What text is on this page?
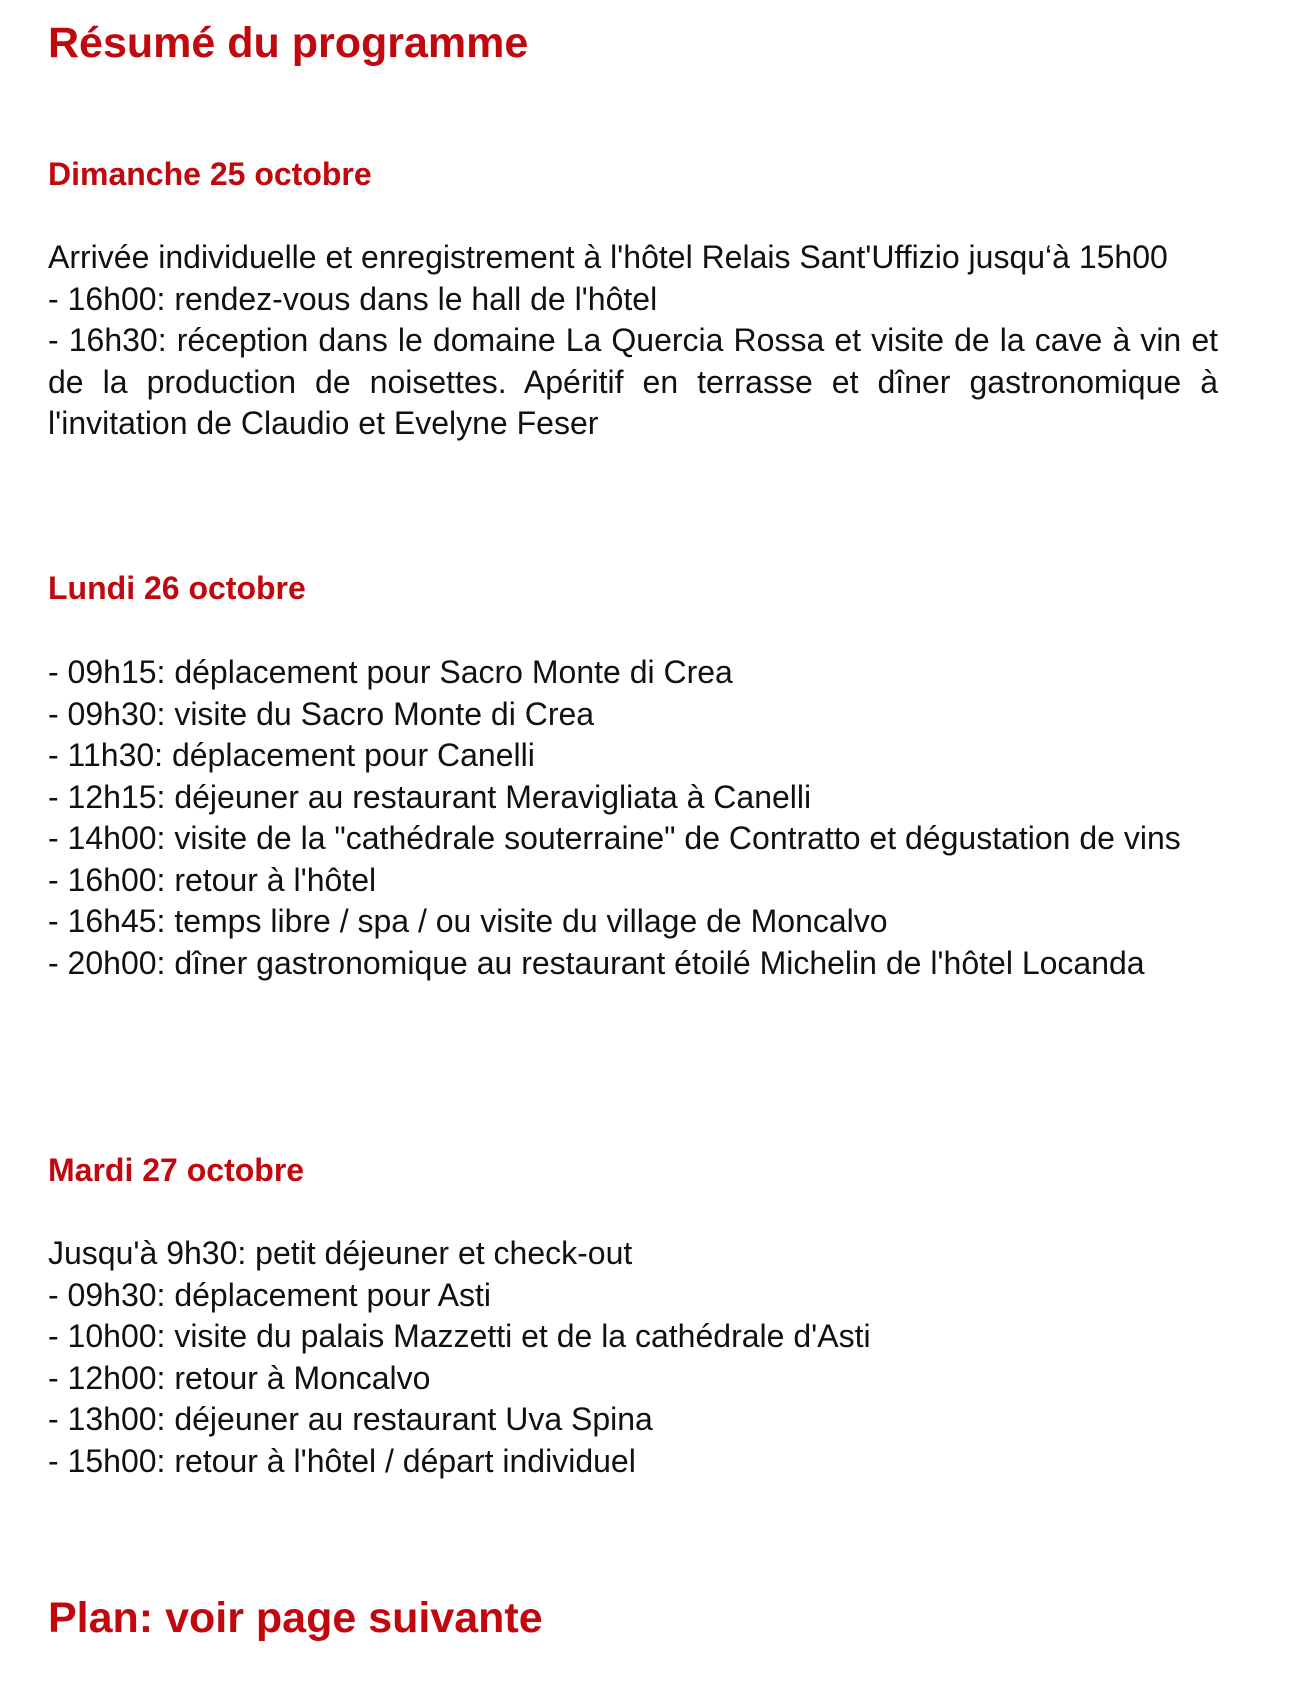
Résumé du programme
Dimanche 25 octobre
Arrivée individuelle et enregistrement à l'hôtel Relais Sant'Uffizio jusqu‘à 15h00
- 16h00: rendez-vous dans le hall de l'hôtel
- 16h30: réception dans le domaine La Quercia Rossa et visite de la cave à vin et de la production de noisettes. Apéritif en terrasse et dîner gastronomique à l'invitation de Claudio et Evelyne Feser
Lundi 26 octobre
- 09h15: déplacement pour Sacro Monte di Crea
- 09h30: visite du Sacro Monte di Crea
- 11h30: déplacement pour Canelli
- 12h15: déjeuner au restaurant Meravigliata à Canelli
- 14h00: visite de la "cathédrale souterraine" de Contratto et dégustation de vins
- 16h00: retour à l'hôtel
- 16h45: temps libre / spa / ou visite du village de Moncalvo
- 20h00: dîner gastronomique au restaurant étoilé Michelin de l'hôtel Locanda
Mardi 27 octobre
Jusqu'à 9h30: petit déjeuner et check-out
- 09h30: déplacement pour Asti
- 10h00: visite du palais Mazzetti et de la cathédrale d'Asti
- 12h00: retour à Moncalvo
- 13h00: déjeuner au restaurant Uva Spina
- 15h00: retour à l'hôtel / départ individuel
Plan: voir page suivante
